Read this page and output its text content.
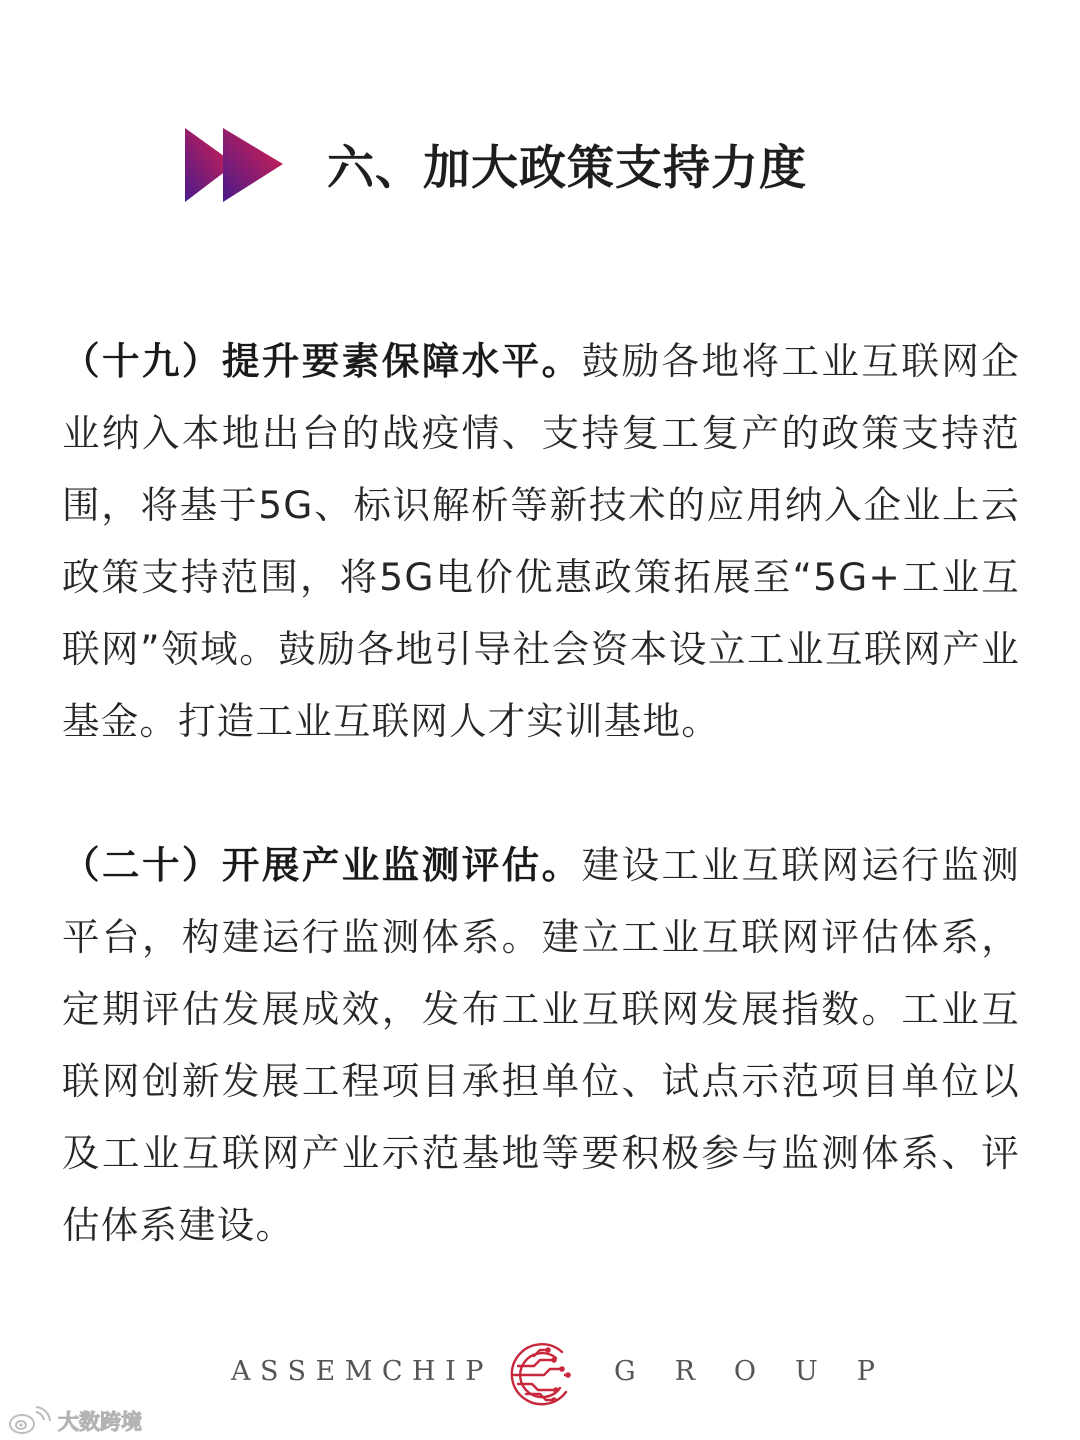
六、加大政策支持力度

（十九）提升要素保障水平。鼓励各地将工业互联网企业纳入本地出台的战疫情、支持复工复产的政策支持范围，将基于5G、标识解析等新技术的应用纳入企业上云政策支持范围，将5G电价优惠政策拓展至“5G+工业互联网”领域。鼓励各地引导社会资本设立工业互联网产业基金。打造工业互联网人才实训基地。

（二十）开展产业监测评估。建设工业互联网运行监测平台，构建运行监测体系。建立工业互联网评估体系，定期评估发展成效，发布工业互联网发展指数。工业互联网创新发展工程项目承担单位、试点示范项目单位以及工业互联网产业示范基地等要积极参与监测体系、评估体系建设。

ASSEMCHIP	GROUP
大数跨境
